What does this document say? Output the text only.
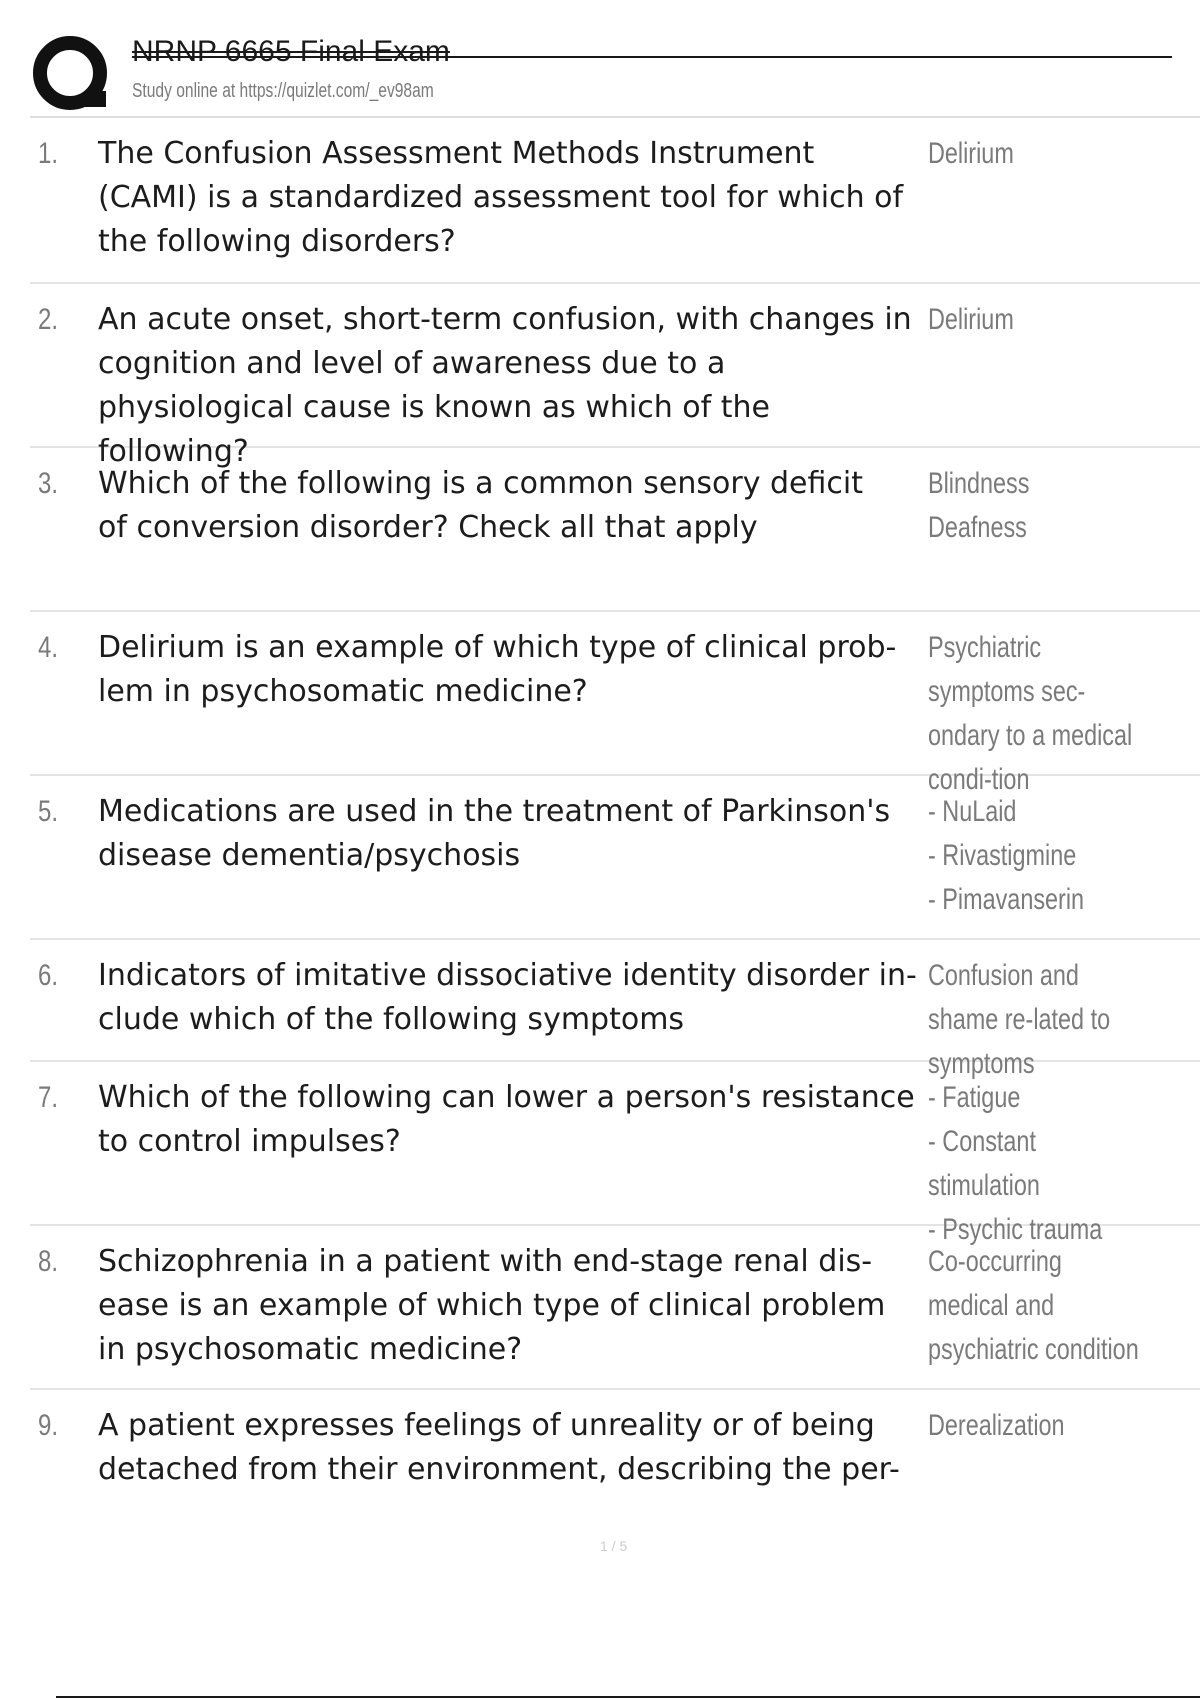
NRNP 6665 Final Exam
Study online at https://quizlet.com/_ev98am
1.	The Confusion Assessment Methods Instrument (CAMI) is a standardized assessment tool for which of the following disorders?
Delirium
2.	An acute onset, short-term confusion, with changes in cognition and level of awareness due to a physiological cause is known as which of the following?
Delirium
3.	Which of the following is a common sensory deficit of conversion disorder? Check all that apply
Blindness
Deafness
4.	Delirium is an example of which type of clinical prob-lem in psychosomatic medicine?
Psychiatric symptoms sec-ondary to a medical condi-tion
5.	Medications are used in the treatment of Parkinson's disease dementia/psychosis
- NuLaid
- Rivastigmine
- Pimavanserin
6.	Indicators of imitative dissociative identity disorder in-clude which of the following symptoms
Confusion and shame re-lated to symptoms
7.	Which of the following can lower a person's resistance to control impulses?
- Fatigue
- Constant stimulation
- Psychic trauma
8.	Schizophrenia in a patient with end-stage renal dis-ease is an example of which type of clinical problem in psychosomatic medicine?
Co-occurring medical and psychiatric condition
9.	A patient expresses feelings of unreality or of being detached from their environment, describing the per-
Derealization
1 / 5
